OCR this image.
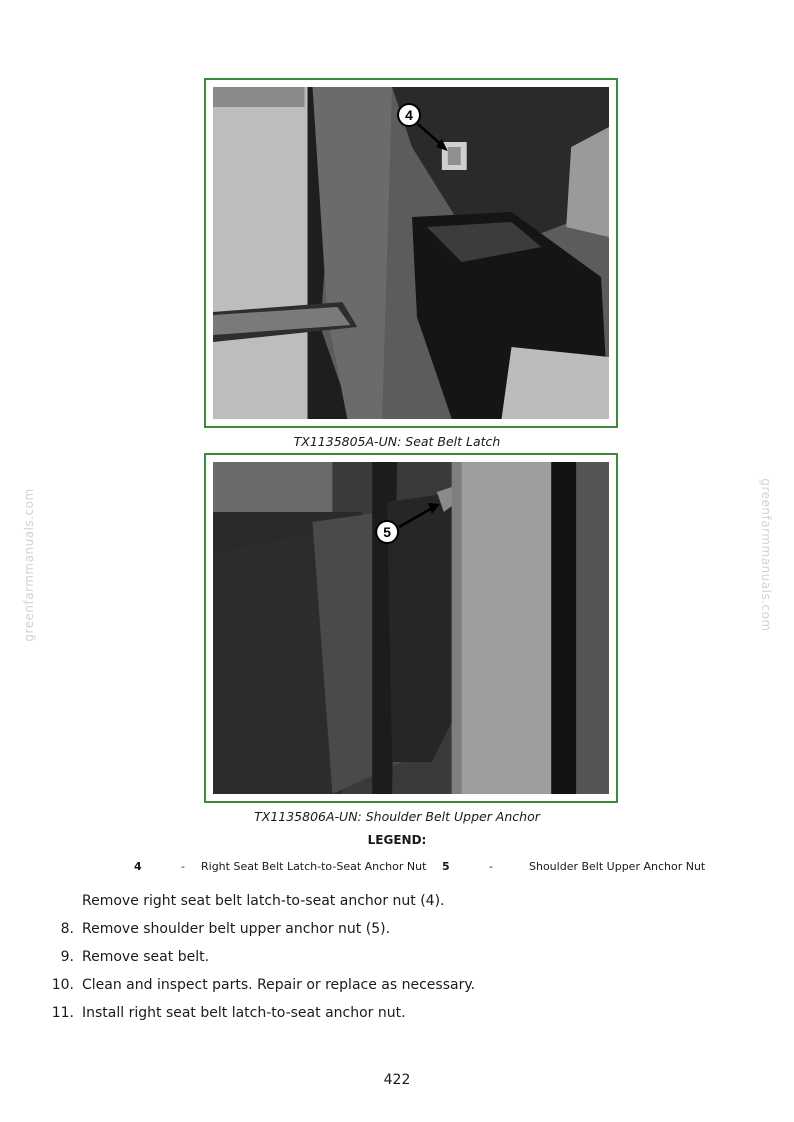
4
TX1135805A-UN: Seat Belt Latch
5
TX1135806A-UN: Shoulder Belt Upper Anchor
LEGEND:
4	- Right Seat Belt Latch-to-Seat Anchor Nut 5	-	Shoulder Belt Upper Anchor Nut
Remove right seat belt latch-to-seat anchor nut (4).
8. Remove shoulder belt upper anchor nut (5).
9. Remove seat belt.
10. Clean and inspect parts. Repair or replace as necessary.
11. Install right seat belt latch-to-seat anchor nut.
422
greenfarmmanuals.com	greenfarmmanuals.com
